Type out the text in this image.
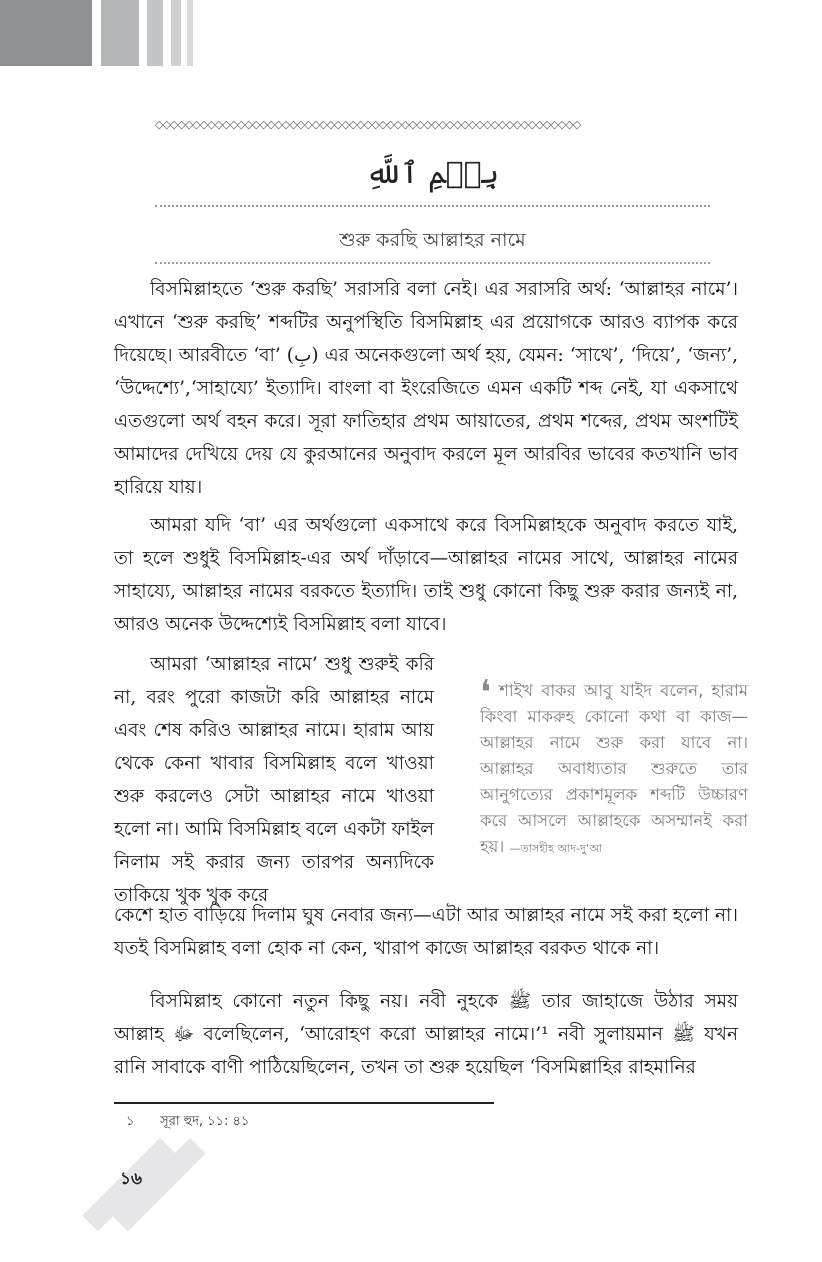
◇◇◇◇◇◇◇◇◇◇◇◇◇◇◇◇◇◇◇◇◇◇◇◇◇◇◇◇◇◇◇◇◇◇◇◇◇◇◇◇◇◇◇◇◇◇◇◇◇◇◇◇◇◇◇◇◇
بِسۡمِ ٱللَّهِ
শুরু করছি আল্লাহর নামে

বিসমিল্লাহতে ‘শুরু করছি’ সরাসরি বলা নেই। এর সরাসরি অর্থ: ‘আল্লাহর নামে’। এখানে ‘শুরু করছি’ শব্দটির অনুপস্থিতি বিসমিল্লাহ এর প্রয়োগকে আরও ব্যাপক করে দিয়েছে। আরবীতে ‘বা’ (بِ) এর অনেকগুলো অর্থ হয়, যেমন: ‘সাথে’, ‘দিয়ে’, ‘জন্য’, ‘উদ্দেশ্যে’,‘সাহায্যে’ ইত্যাদি। বাংলা বা ইংরেজিতে এমন একটি শব্দ নেই, যা একসাথে এতগুলো অর্থ বহন করে। সূরা ফাতিহার প্রথম আয়াতের, প্রথম শব্দের, প্রথম অংশটিই আমাদের দেখিয়ে দেয় যে কুরআনের অনুবাদ করলে মূল আরবির ভাবের কতখানি ভাব হারিয়ে যায়।

আমরা যদি ‘বা’ এর অর্থগুলো একসাথে করে বিসমিল্লাহকে অনুবাদ করতে যাই, তা হলে শুধুই বিসমিল্লাহ-এর অর্থ দাঁড়াবে—আল্লাহর নামের সাথে, আল্লাহর নামের সাহায্যে, আল্লাহর নামের বরকতে ইত্যাদি। তাই শুধু কোনো কিছু শুরু করার জন্যই না, আরও অনেক উদ্দেশ্যেই বিসমিল্লাহ বলা যাবে।

আমরা ‘আল্লাহর নামে’ শুধু শুরুই করি না, বরং পুরো কাজটা করি আল্লাহর নামে এবং শেষ করিও আল্লাহর নামে। হারাম আয় থেকে কেনা খাবার বিসমিল্লাহ বলে খাওয়া শুরু করলেও সেটা আল্লাহর নামে খাওয়া হলো না। আমি বিসমিল্লাহ বলে একটা ফাইল নিলাম সই করার জন্য তারপর অন্যদিকে তাকিয়ে খুক খুক করে

❛ শাইখ বাকর আবু যাইদ বলেন, হারাম কিংবা মাকরুহ কোনো কথা বা কাজ—আল্লাহর নামে শুরু করা যাবে না। আল্লাহর অবাধ্যতার শুরুতে তার আনুগত্যের প্রকাশমূলক শব্দটি উচ্চারণ করে আসলে আল্লাহকে অসম্মানই করা হয়। —তাসহীহ আদ-দু‘আ

কেশে হাত বাড়িয়ে দিলাম ঘুষ নেবার জন্য—এটা আর আল্লাহর নামে সই করা হলো না। যতই বিসমিল্লাহ বলা হোক না কেন, খারাপ কাজে আল্লাহর বরকত থাকে না।

বিসমিল্লাহ কোনো নতুন কিছু নয়। নবী নুহকে ﷺ তার জাহাজে উঠার সময় আল্লাহ ﷻ বলেছিলেন, ‘আরোহণ করো আল্লাহর নামে।’¹ নবী সুলায়মান ﷺ যখন রানি সাবাকে বাণী পাঠিয়েছিলেন, তখন তা শুরু হয়েছিল ‘বিসমিল্লাহির রাহমানির

১ সূরা হুদ, ১১: ৪১
১৬
